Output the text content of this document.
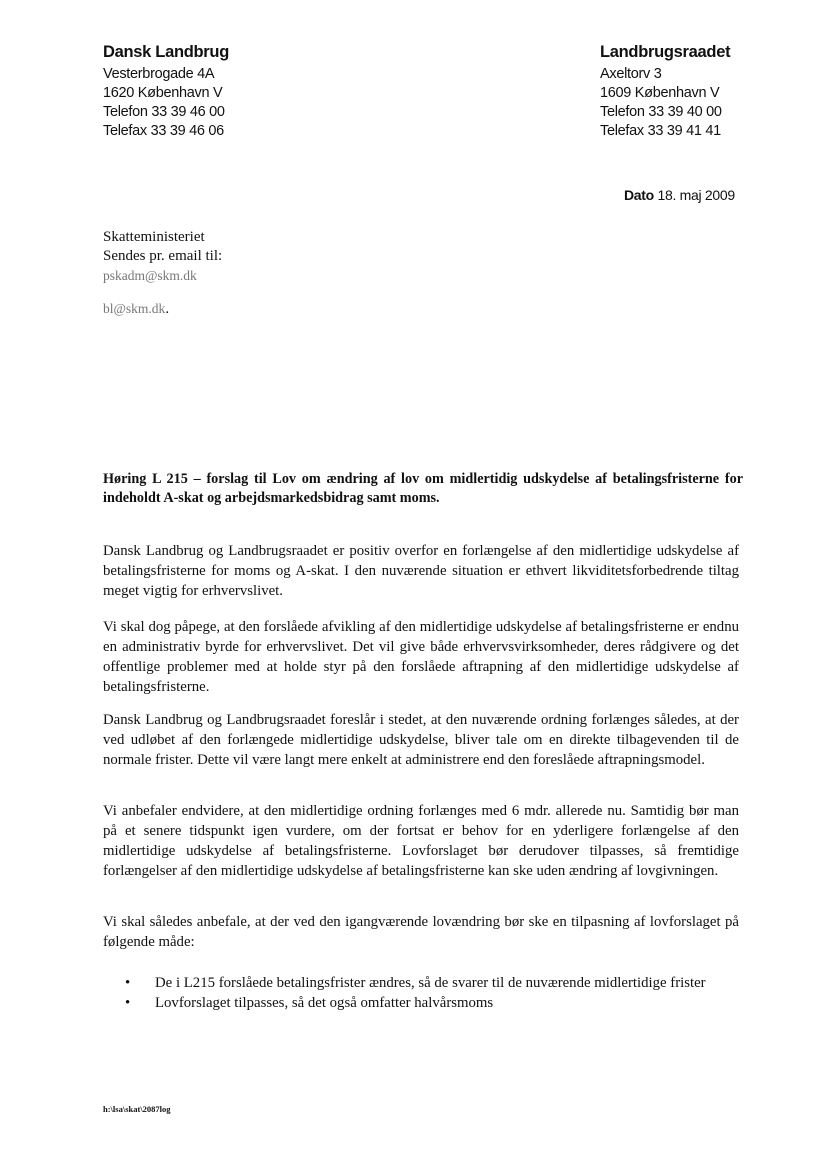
Dansk Landbrug
Vesterbrogade 4A
1620 København V
Telefon 33 39 46 00
Telefax 33 39 46 06
Landbrugsraadet
Axeltorv 3
1609 København V
Telefon 33 39 40 00
Telefax 33 39 41 41
Dato 18. maj 2009
Skatteministeriet
Sendes pr. email til:
pskadm@skm.dk
bl@skm.dk.
Høring L 215 – forslag til Lov om ændring af lov om midlertidig udskydelse af betalingsfristerne for indeholdt A-skat og arbejdsmarkedsbidrag samt moms.
Dansk Landbrug og Landbrugsraadet er positiv overfor en forlængelse af den midlertidige udskydelse af betalingsfristerne for moms og A-skat. I den nuværende situation er ethvert likviditetsforbedrende tiltag meget vigtig for erhvervslivet.
Vi skal dog påpege, at den forslåede afvikling af den midlertidige udskydelse af betalingsfristerne er endnu en administrativ byrde for erhvervslivet. Det vil give både erhvervsvirksomheder, deres rådgivere og det offentlige problemer med at holde styr på den forslåede aftrapning af den midlertidige udskydelse af betalingsfristerne.
Dansk Landbrug og Landbrugsraadet foreslår i stedet, at den nuværende ordning forlænges således, at der ved udløbet af den forlængede midlertidige udskydelse, bliver tale om en direkte tilbagevenden til de normale frister. Dette vil være langt mere enkelt at administrere end den foreslåede aftrapningsmodel.
Vi anbefaler endvidere, at den midlertidige ordning forlænges med 6 mdr. allerede nu. Samtidig bør man på et senere tidspunkt igen vurdere, om der fortsat er behov for en yderligere forlængelse af den midlertidige udskydelse af betalingsfristerne. Lovforslaget bør derudover tilpasses, så fremtidige forlængelser af den midlertidige udskydelse af betalingsfristerne kan ske uden ændring af lovgivningen.
Vi skal således anbefale, at der ved den igangværende lovændring bør ske en tilpasning af lovforslaget på følgende måde:
• De i L215 forslåede betalingsfrister ændres, så de svarer til de nuværende midlertidige frister
• Lovforslaget tilpasses, så det også omfatter halvårsmoms
h:\lsa\skat\2087log
